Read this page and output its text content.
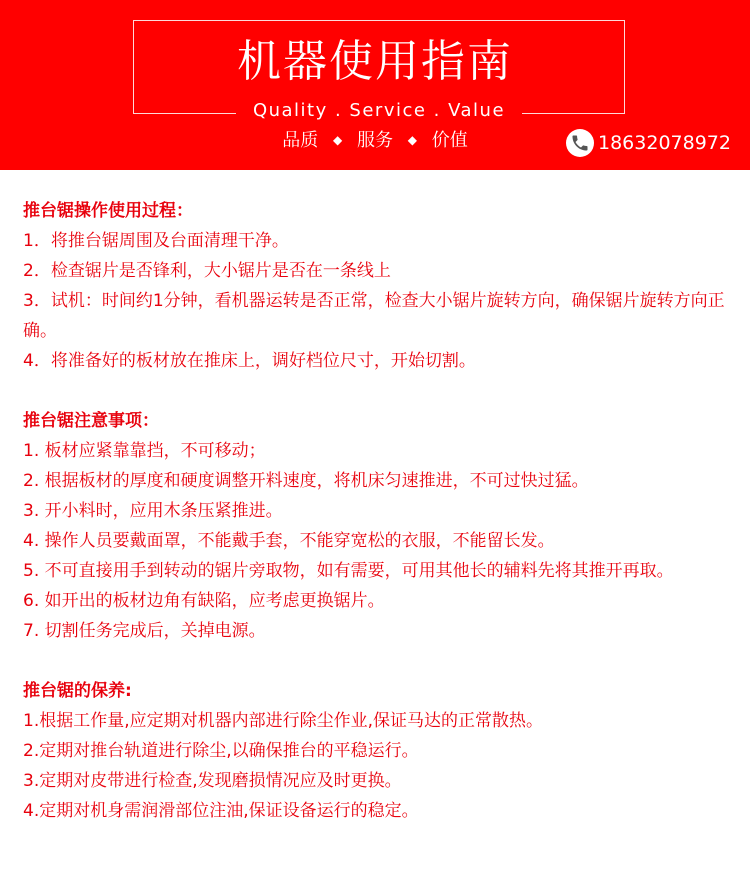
机器使用指南
Quality . Service . Value
品质 ◆ 服务 ◆ 价值	18632078972
推台锯操作使用过程：
1．将推台锯周围及台面清理干净。
2．检查锯片是否锋利，大小锯片是否在一条线上
3．试机：时间约1分钟，看机器运转是否正常，检查大小锯片旋转方向，确保锯片旋转方向正确。
4．将准备好的板材放在推床上，调好档位尺寸，开始切割。
推台锯注意事项：
1. 板材应紧靠靠挡，不可移动；
2. 根据板材的厚度和硬度调整开料速度，将机床匀速推进，不可过快过猛。
3. 开小料时，应用木条压紧推进。
4. 操作人员要戴面罩，不能戴手套，不能穿宽松的衣服，不能留长发。
5. 不可直接用手到转动的锯片旁取物，如有需要，可用其他长的辅料先将其推开再取。
6. 如开出的板材边角有缺陷，应考虑更换锯片。
7. 切割任务完成后，关掉电源。
推台锯的保养:
1.根据工作量,应定期对机器内部进行除尘作业,保证马达的正常散热。
2.定期对推台轨道进行除尘,以确保推台的平稳运行。
3.定期对皮带进行检查,发现磨损情况应及时更换。
4.定期对机身需润滑部位注油,保证设备运行的稳定。
